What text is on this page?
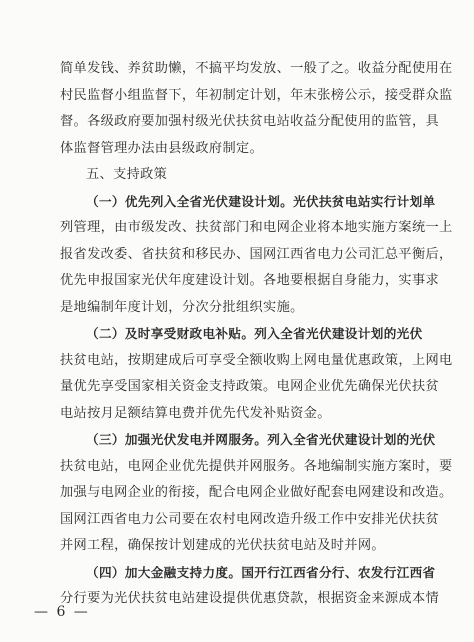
简单发钱、养贫助懒，不搞平均发放、一般了之。收益分配使用在
村民监督小组监督下，年初制定计划，年末张榜公示，接受群众监
督。各级政府要加强村级光伏扶贫电站收益分配使用的监管，具
体监督管理办法由县级政府制定。
五、支持政策
（一）优先列入全省光伏建设计划。光伏扶贫电站实行计划单
列管理，由市级发改、扶贫部门和电网企业将本地实施方案统一上
报省发改委、省扶贫和移民办、国网江西省电力公司汇总平衡后，
优先申报国家光伏年度建设计划。各地要根据自身能力，实事求
是地编制年度计划，分次分批组织实施。
（二）及时享受财政电补贴。列入全省光伏建设计划的光伏
扶贫电站，按期建成后可享受全额收购上网电量优惠政策，上网电
量优先享受国家相关资金支持政策。电网企业优先确保光伏扶贫
电站按月足额结算电费并优先代发补贴资金。
（三）加强光伏发电并网服务。列入全省光伏建设计划的光伏
扶贫电站，电网企业优先提供并网服务。各地编制实施方案时，要
加强与电网企业的衔接，配合电网企业做好配套电网建设和改造。
国网江西省电力公司要在农村电网改造升级工作中安排光伏扶贫
并网工程，确保按计划建成的光伏扶贫电站及时并网。
（四）加大金融支持力度。国开行江西省分行、农发行江西省
分行要为光伏扶贫电站建设提供优惠贷款，根据资金来源成本情
— 6 —
